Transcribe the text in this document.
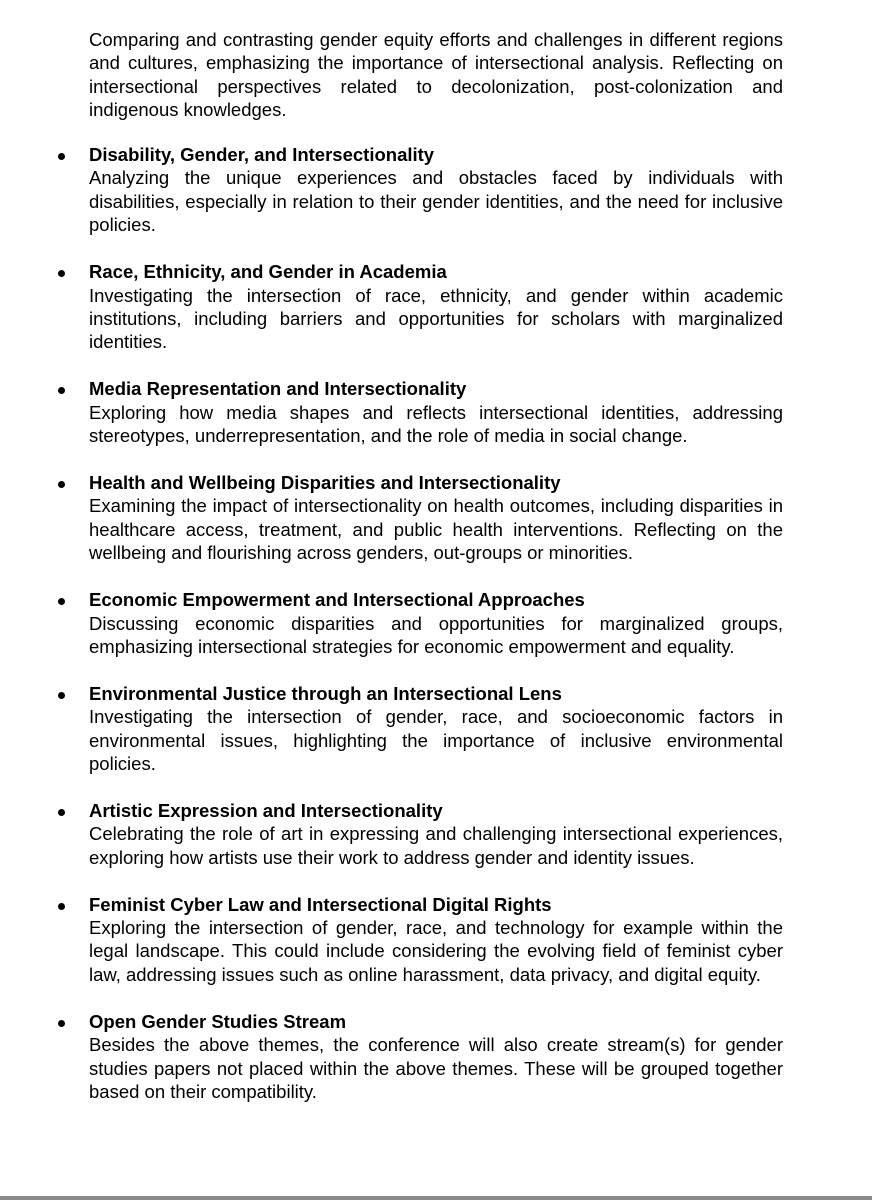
Comparing and contrasting gender equity efforts and challenges in different regions and cultures, emphasizing the importance of intersectional analysis. Reflecting on intersectional perspectives related to decolonization, post-colonization and indigenous knowledges.

Disability, Gender, and Intersectionality
Analyzing the unique experiences and obstacles faced by individuals with disabilities, especially in relation to their gender identities, and the need for inclusive policies.
Race, Ethnicity, and Gender in Academia
Investigating the intersection of race, ethnicity, and gender within academic institutions, including barriers and opportunities for scholars with marginalized identities.
Media Representation and Intersectionality
Exploring how media shapes and reflects intersectional identities, addressing stereotypes, underrepresentation, and the role of media in social change.
Health and Wellbeing Disparities and Intersectionality
Examining the impact of intersectionality on health outcomes, including disparities in healthcare access, treatment, and public health interventions. Reflecting on the wellbeing and flourishing across genders, out-groups or minorities.
Economic Empowerment and Intersectional Approaches
Discussing economic disparities and opportunities for marginalized groups, emphasizing intersectional strategies for economic empowerment and equality.
Environmental Justice through an Intersectional Lens
Investigating the intersection of gender, race, and socioeconomic factors in environmental issues, highlighting the importance of inclusive environmental policies.
Artistic Expression and Intersectionality
Celebrating the role of art in expressing and challenging intersectional experiences, exploring how artists use their work to address gender and identity issues.
Feminist Cyber Law and Intersectional Digital Rights
Exploring the intersection of gender, race, and technology for example within the legal landscape. This could include considering the evolving field of feminist cyber law, addressing issues such as online harassment, data privacy, and digital equity.
Open Gender Studies Stream
Besides the above themes, the conference will also create stream(s) for gender studies papers not placed within the above themes. These will be grouped together based on their compatibility.
